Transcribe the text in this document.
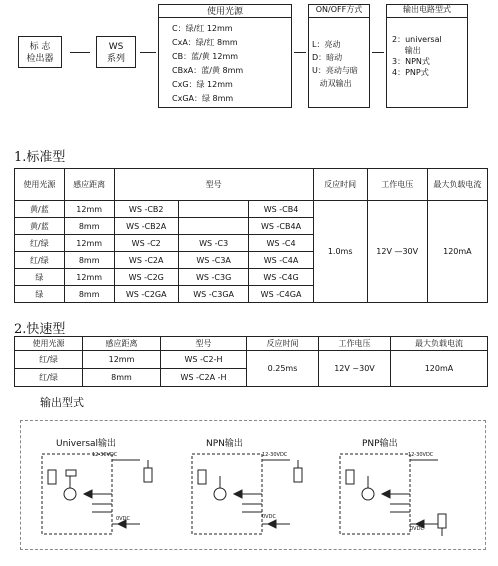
标 志
检出器
WS
系列
使用光源
C：绿/红 12mm
CxA：绿/红 8mm
CB：蓝/黄 12mm
CBxA：蓝/黄 8mm
CxG：绿 12mm
CxGA：绿 8mm
ON/OFF方式
L：亮动
D：暗动
U：亮动与暗
动双输出
输出电路型式
2：universal
输出
3：NPN式
4：PNP式
1.标准型
使用光源	感应距离	型号			反应时间	工作电压	最大负载电流
黄/蓝	12mm	WS -CB2		WS -CB4	1.0ms	12V —30V	120mA
黄/蓝	8mm	WS -CB2A		WS -CB4A			
红/绿	12mm	WS -C2	WS -C3	WS -C4			
红/绿	8mm	WS -C2A	WS -C3A	WS -C4A			
绿	12mm	WS -C2G	WS -C3G	WS -C4G			
绿	8mm	WS -C2GA	WS -C3GA	WS -C4GA			
2.快速型
使用光源	感应距离	型号	反应时间	工作电压	最大负载电流
红/绿	12mm	WS -C2-H	0.25ms	12V ~30V	120mA
红/绿	8mm	WS -C2A -H			
输出型式
Universal输出
12-30VDC
0VDC
NPN输出
12-30VDC
0VDC
PNP输出
12-30VDC
0VDC
